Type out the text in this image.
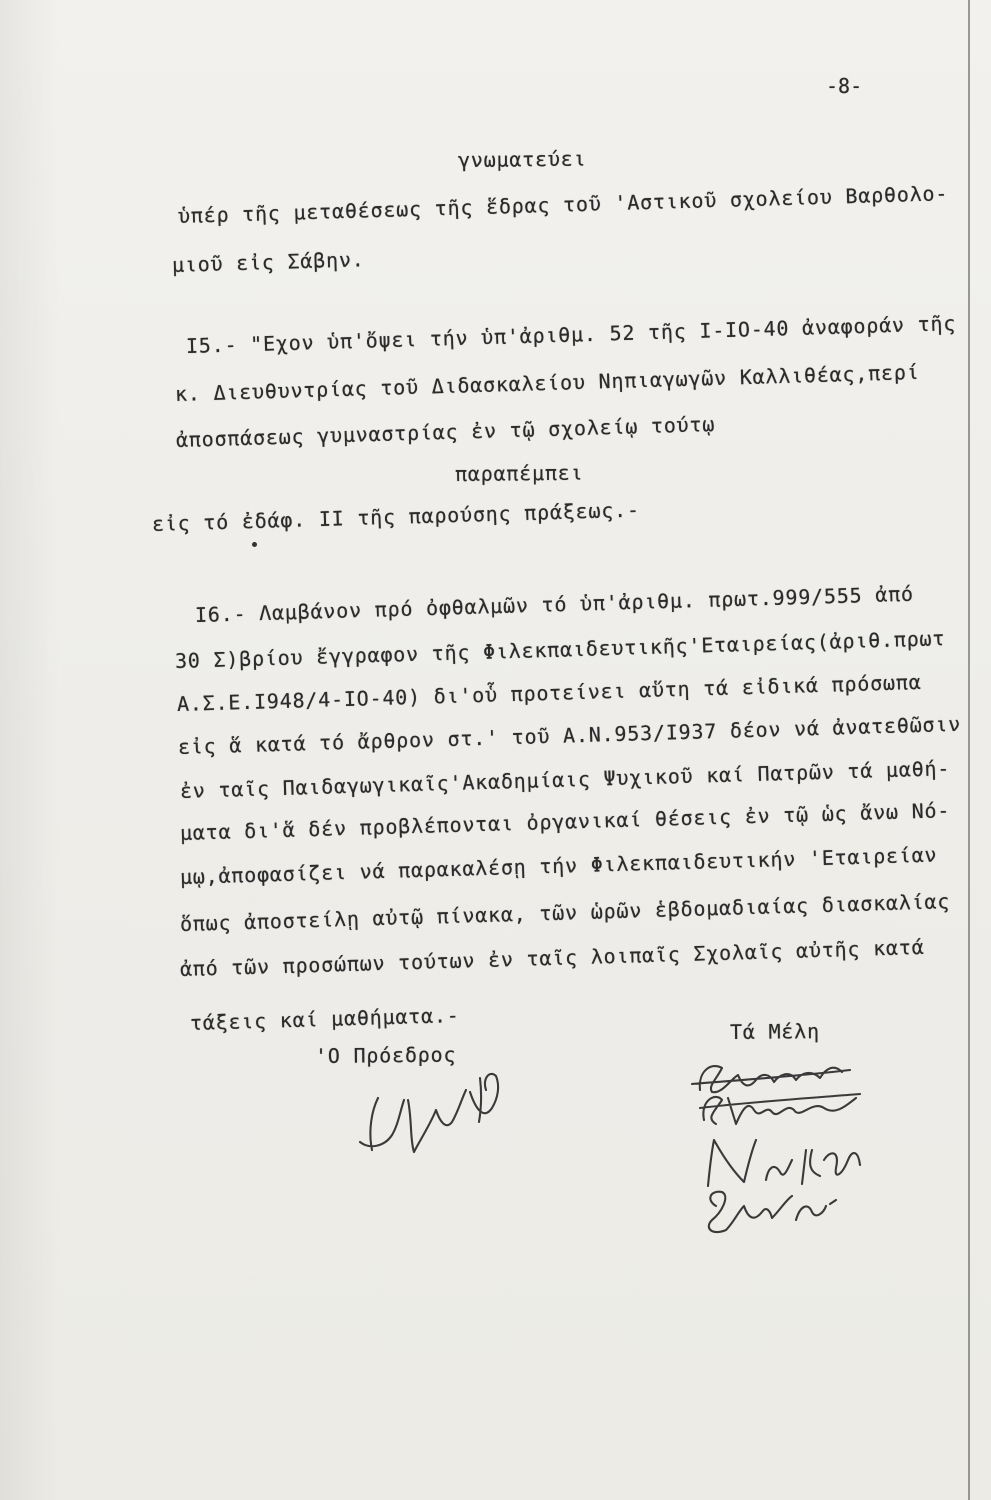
-8-
γνωματεύει
ὑπέρ τῆς μεταθέσεως τῆς ἕδρας τοῦ 'Αστικοῦ σχολείου Βαρθολο-
μιοῦ εἰς Σάβην.
I5.- "Εχον ὑπ'ὄψει τήν ὑπ'ἀριθμ. 52 τῆς I-IO-40 ἀναφοράν τῆς
κ. Διευθυντρίας τοῦ Διδασκαλείου Νηπιαγωγῶν Καλλιθέας,περί
ἀποσπάσεως γυμναστρίας ἐν τῷ σχολείῳ τούτῳ
παραπέμπει
εἰς τό ἐδάφ. II τῆς παρούσης πράξεως.-
I6.- Λαμβάνον πρό ὀφθαλμῶν τό ὑπ'ἀριθμ. πρωτ.999/555 ἀπό
30 Σ)βρίου ἔγγραφον τῆς Φιλεκπαιδευτικῆς'Εταιρείας(ἀριθ.πρωτ
Α.Σ.Ε.I948/4-IO-40) δι'οὗ προτείνει αὕτη τά εἰδικά πρόσωπα
εἰς ἅ κατά τό ἄρθρον στ.' τοῦ Α.Ν.953/I937 δέον νά ἀνατεθῶσιν
ἐν ταῖς Παιδαγωγικαῖς'Ακαδημίαις Ψυχικοῦ καί Πατρῶν τά μαθή-
ματα δι'ἅ δέν προβλέπονται ὀργανικαί θέσεις ἐν τῷ ὡς ἄνω Νό-
μῳ,ἀποφασίζει νά παρακαλέσῃ τήν Φιλεκπαιδευτικήν 'Εταιρείαν
ὅπως ἀποστείλῃ αὐτῷ πίνακα, τῶν ὡρῶν ἑβδομαδιαίας διασκαλίας
ἀπό τῶν προσώπων τούτων ἐν ταῖς λοιπαῖς Σχολαῖς αὐτῆς κατά
τάξεις καί μαθήματα.-
'Ο Πρόεδρος
Τά Μέλη
